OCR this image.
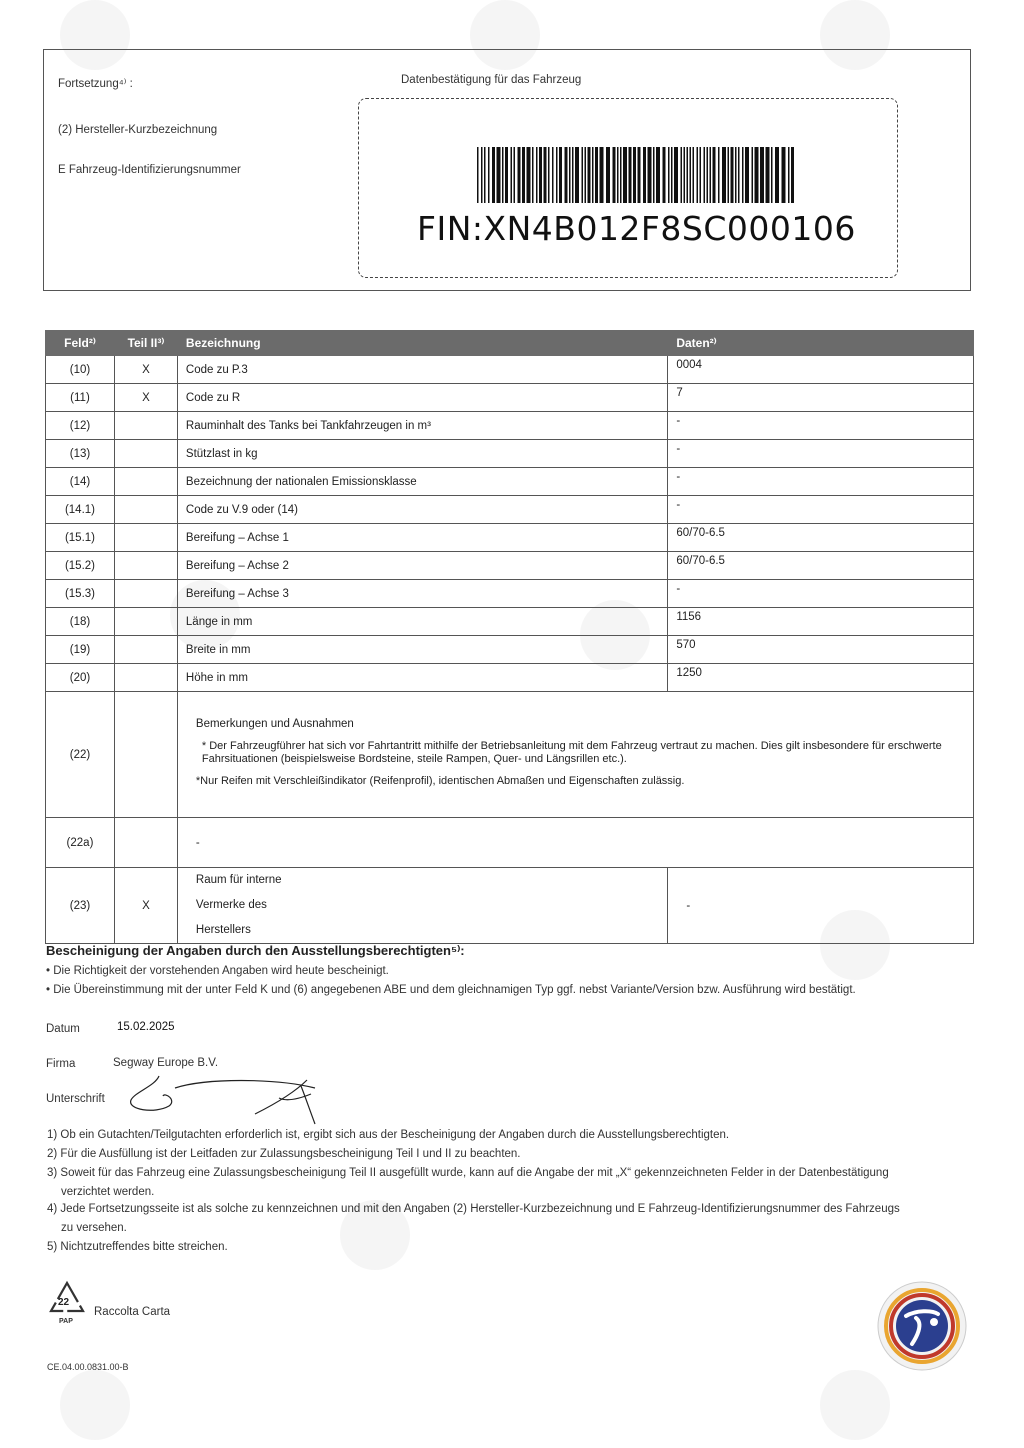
Fortsetzung⁴⁾ :
(2) Hersteller-Kurzbezeichnung
E Fahrzeug-Identifizierungsnummer
Datenbestätigung für das Fahrzeug
FIN:XN4B012F8SC000106
Feld²⁾	Teil II³⁾	Bezeichnung	Daten²⁾
(10)	X	Code zu P.3	0004
(11)	X	Code zu R	7
(12)		Rauminhalt des Tanks bei Tankfahrzeugen in m³	-
(13)		Stützlast in kg	-
(14)		Bezeichnung der nationalen Emissionsklasse	-
(14.1)		Code zu V.9 oder (14)	-
(15.1)		Bereifung – Achse 1	60/70-6.5
(15.2)		Bereifung – Achse 2	60/70-6.5
(15.3)		Bereifung – Achse 3	-
(18)		Länge in mm	1156
(19)		Breite in mm	570
(20)		Höhe in mm	1250
(22)		Bemerkungen und Ausnahmen

* Der Fahrzeugführer hat sich vor Fahrtantritt mithilfe der Betriebsanleitung mit dem Fahrzeug vertraut zu machen. Dies gilt insbesondere für erschwerte Fahrsituationen (beispielsweise Bordsteine, steile Rampen, Quer- und Längsrillen etc.).

*Nur Reifen mit Verschleißindikator (Reifenprofil), identischen Abmaßen und Eigenschaften zulässig.	

(22a)		-	
(23)	X	Raum für interne
Vermerke des
Herstellers	-
Bescheinigung der Angaben durch den Ausstellungsberechtigten⁵⁾:
• Die Richtigkeit der vorstehenden Angaben wird heute bescheinigt.
• Die Übereinstimmung mit der unter Feld K und (6) angegebenen ABE und dem gleichnamigen Typ ggf. nebst Variante/Version bzw. Ausführung wird bestätigt.
Datum	15.02.2025
Firma	Segway Europe B.V.
Unterschrift
1) Ob ein Gutachten/Teilgutachten erforderlich ist, ergibt sich aus der Bescheinigung der Angaben durch die Ausstellungsberechtigten.
2) Für die Ausfüllung ist der Leitfaden zur Zulassungsbescheinigung Teil I und II zu beachten.
3) Soweit für das Fahrzeug eine Zulassungsbescheinigung Teil II ausgefüllt wurde, kann auf die Angabe der mit „X“ gekennzeichneten Felder in der Datenbestätigung
verzichtet werden.
4) Jede Fortsetzungsseite ist als solche zu kennzeichnen und mit den Angaben (2) Hersteller-Kurzbezeichnung und E Fahrzeug-Identifizierungsnummer des Fahrzeugs
zu versehen.
5) Nichtzutreffendes bitte streichen.
22
PAP
Raccolta Carta
CE.04.00.0831.00-B
